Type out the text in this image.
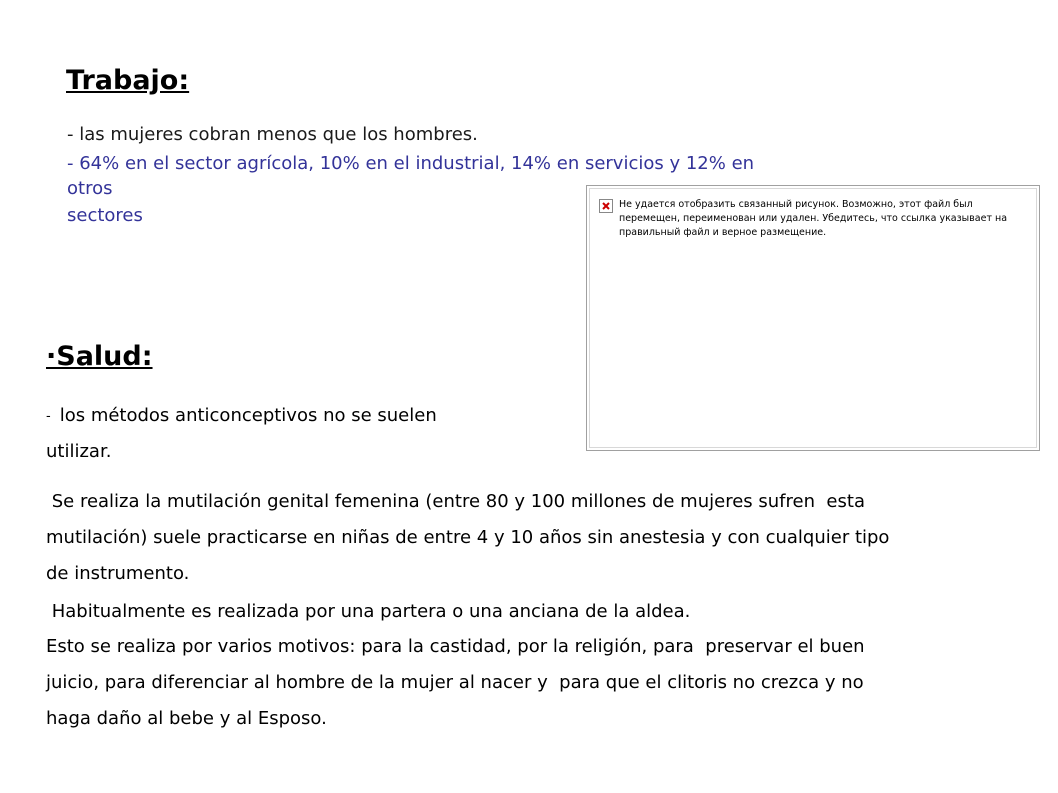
Trabajo:
- las mujeres cobran menos que los hombres.
- 64% en el sector agrícola, 10% en el industrial, 14% en servicios y 12% en
otros
sectores
Не удается отобразить связанный рисунок. Возможно, этот файл был перемещен, переименован или удален. Убедитесь, что ссылка указывает на правильный файл и верное размещение.
·Salud:
- los métodos anticonceptivos no se suelen
utilizar.
Se realiza la mutilación genital femenina (entre 80 y 100 millones de mujeres sufren  esta
mutilación) suele practicarse en niñas de entre 4 y 10 años sin anestesia y con cualquier tipo
de instrumento.
Habitualmente es realizada por una partera o una anciana de la aldea.
Esto se realiza por varios motivos: para la castidad, por la religión, para  preservar el buen
juicio, para diferenciar al hombre de la mujer al nacer y  para que el clitoris no crezca y no
haga daño al bebe y al Esposo.
